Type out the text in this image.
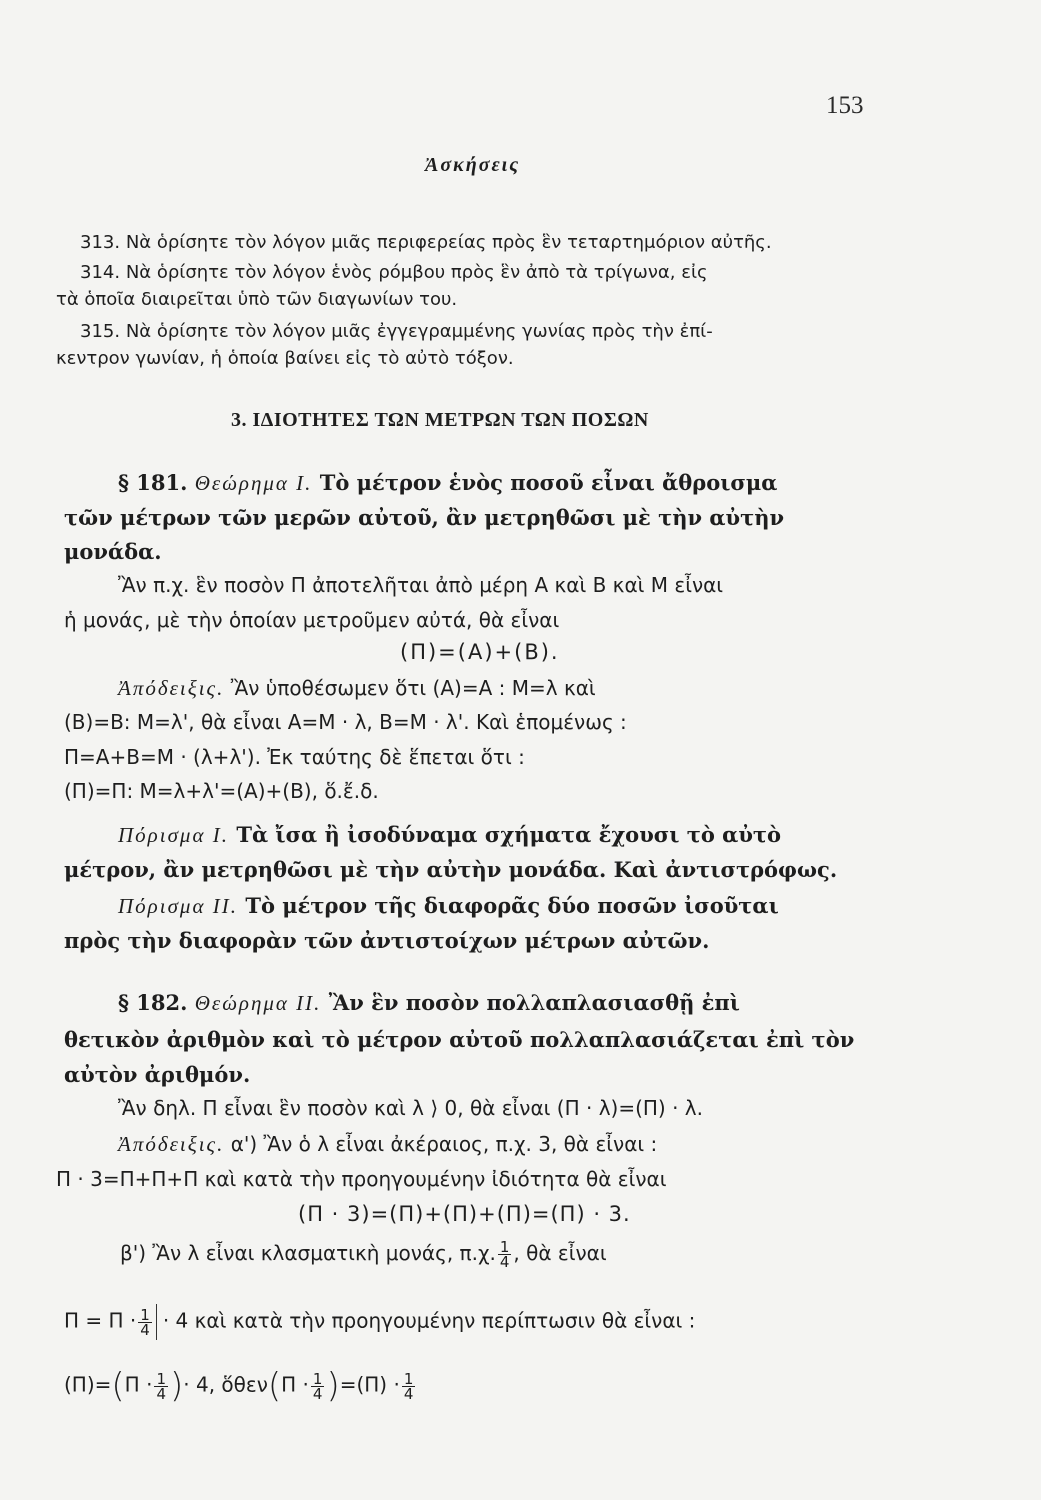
153
Ἀσκήσεις
313. Νὰ ὁρίσητε τὸν λόγον μιᾶς περιφερείας πρὸς ἓν τεταρτημόριον αὐτῆς.
314. Νὰ ὁρίσητε τὸν λόγον ἑνὸς ρόμβου πρὸς ἓν ἀπὸ τὰ τρίγωνα, εἰς
τὰ ὁποῖα διαιρεῖται ὑπὸ τῶν διαγωνίων του.
315. Νὰ ὁρίσητε τὸν λόγον μιᾶς ἐγγεγραμμένης γωνίας πρὸς τὴν ἐπί-
κεντρον γωνίαν, ἡ ὁποία βαίνει εἰς τὸ αὐτὸ τόξον.
3. ΙΔΙΟΤΗΤΕΣ ΤΩΝ ΜΕΤΡΩΝ ΤΩΝ ΠΟΣΩΝ
§ 181. Θεώρημα Ι. Τὸ μέτρον ἑνὸς ποσοῦ εἶναι ἄθροισμα
τῶν μέτρων τῶν μερῶν αὐτοῦ, ἂν μετρηθῶσι μὲ τὴν αὐτὴν
μονάδα.
Ἂν π.χ. ἓν ποσὸν Π ἀποτελῆται ἀπὸ μέρη Α καὶ Β καὶ Μ εἶναι
ἡ μονάς, μὲ τὴν ὁποίαν μετροῦμεν αὐτά, θὰ εἶναι
(Π)=(Α)+(Β).
Ἀπόδειξις. Ἂν ὑποθέσωμεν ὅτι (Α)=Α : Μ=λ καὶ
(Β)=Β: Μ=λ', θὰ εἶναι Α=Μ · λ, Β=Μ · λ'. Καὶ ἑπομένως :
Π=Α+Β=Μ · (λ+λ'). Ἐκ ταύτης δὲ ἕπεται ὅτι :
(Π)=Π: Μ=λ+λ'=(Α)+(Β), ὅ.ἔ.δ.
Πόρισμα Ι. Τὰ ἴσα ἢ ἰσοδύναμα σχήματα ἔχουσι τὸ αὐτὸ
μέτρον, ἂν μετρηθῶσι μὲ τὴν αὐτὴν μονάδα. Καὶ ἀντιστρόφως.
Πόρισμα ΙΙ. Τὸ μέτρον τῆς διαφορᾶς δύο ποσῶν ἰσοῦται
πρὸς τὴν διαφορὰν τῶν ἀντιστοίχων μέτρων αὐτῶν.
§ 182. Θεώρημα ΙΙ. Ἂν ἓν ποσὸν πολλαπλασιασθῇ ἐπὶ
θετικὸν ἀριθμὸν καὶ τὸ μέτρον αὐτοῦ πολλαπλασιάζεται ἐπὶ τὸν
αὐτὸν ἀριθμόν.
Ἂν δηλ. Π εἶναι ἓν ποσὸν καὶ λ ⟩ 0, θὰ εἶναι (Π · λ)=(Π) · λ.
Ἀπόδειξις. α') Ἂν ὁ λ εἶναι ἀκέραιος, π.χ. 3, θὰ εἶναι :
Π · 3=Π+Π+Π καὶ κατὰ τὴν προηγουμένην ἰδιότητα θὰ εἶναι
(Π · 3)=(Π)+(Π)+(Π)=(Π) · 3.
β') Ἂν λ εἶναι κλασματικὴ μονάς, π.χ. $\frac{1}{4}$ , θὰ εἶναι
$\Pi = \Pi \cdot \frac{1}{4} \cdot 4$ καὶ κατὰ τὴν προηγουμένην περίπτωσιν θὰ εἶναι :
$(\Pi)=(\Pi \cdot \frac{1}{4}$ )· 4, ὅθεν(Π · $\frac{1}{4} )=(\Pi) \cdot \frac{1}{4}$
